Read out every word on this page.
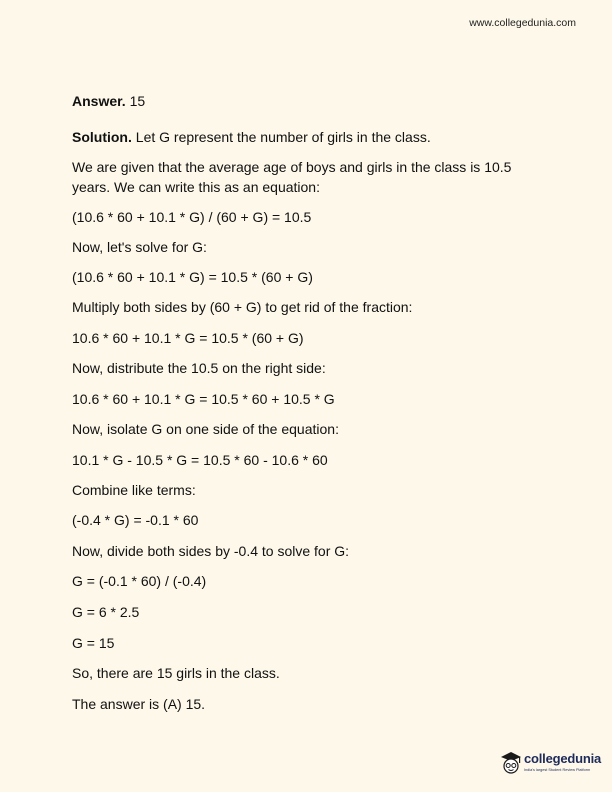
www.collegedunia.com
Answer. 15
Solution. Let G represent the number of girls in the class.
We are given that the average age of boys and girls in the class is 10.5 years. We can write this as an equation:
(10.6 * 60 + 10.1 * G) / (60 + G) = 10.5
Now, let's solve for G:
(10.6 * 60 + 10.1 * G) = 10.5 * (60 + G)
Multiply both sides by (60 + G) to get rid of the fraction:
10.6 * 60 + 10.1 * G = 10.5 * (60 + G)
Now, distribute the 10.5 on the right side:
10.6 * 60 + 10.1 * G = 10.5 * 60 + 10.5 * G
Now, isolate G on one side of the equation:
10.1 * G - 10.5 * G = 10.5 * 60 - 10.6 * 60
Combine like terms:
(-0.4 * G) = -0.1 * 60
Now, divide both sides by -0.4 to solve for G:
G = (-0.1 * 60) / (-0.4)
G = 6 * 2.5
G = 15
So, there are 15 girls in the class.
The answer is (A) 15.
collegedunia
India's largest Student Review Platform
